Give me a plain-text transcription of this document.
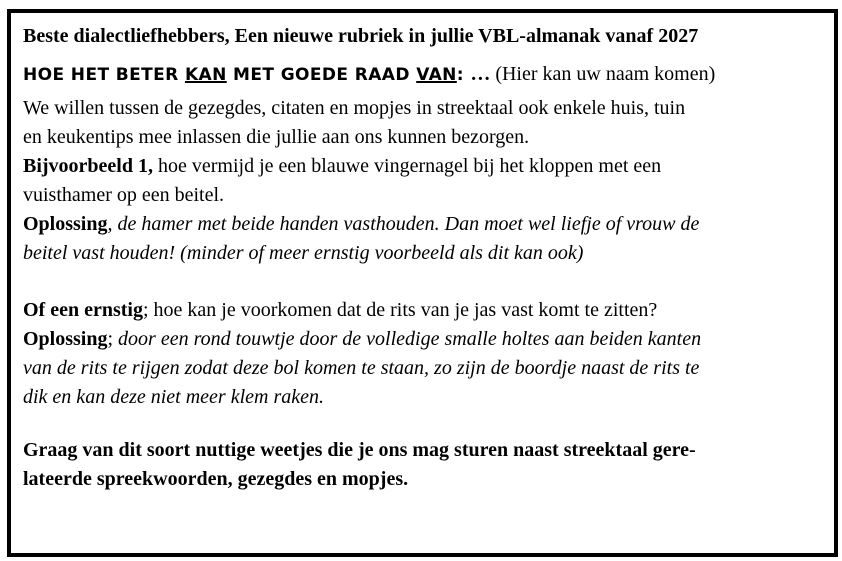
Beste dialectliefhebbers, Een nieuwe rubriek in jullie VBL-almanak vanaf 2027
HOE HET BETER KAN MET GOEDE RAAD VAN: … (Hier kan uw naam komen)
We willen tussen de gezegdes, citaten en mopjes in streektaal ook enkele huis, tuin
en keukentips mee inlassen die jullie aan ons kunnen bezorgen.
Bijvoorbeeld 1, hoe vermijd je een blauwe vingernagel bij het kloppen met een
vuisthamer op een beitel.
Oplossing, de hamer met beide handen vasthouden. Dan moet wel liefje of vrouw de
beitel vast houden! (minder of meer ernstig voorbeeld als dit kan ook)
Of een ernstig; hoe kan je voorkomen dat de rits van je jas vast komt te zitten?
Oplossing; door een rond touwtje door de volledige smalle holtes aan beiden kanten
van de rits te rijgen zodat deze bol komen te staan, zo zijn de boordje naast de rits te
dik en kan deze niet meer klem raken.
Graag van dit soort nuttige weetjes die je ons mag sturen naast streektaal gere-
lateerde spreekwoorden, gezegdes en mopjes.
